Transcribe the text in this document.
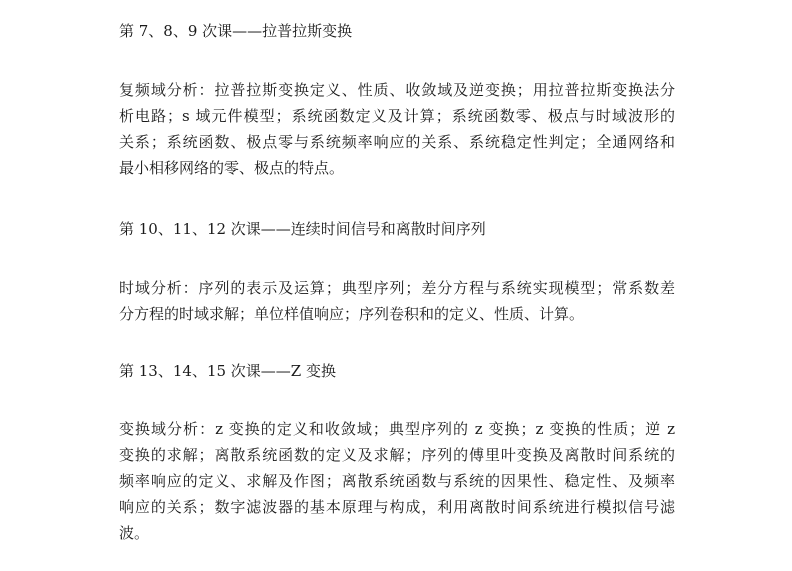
第 7、8、9 次课——拉普拉斯变换

复频域分析：拉普拉斯变换定义、性质、收敛域及逆变换；用拉普拉斯变换法分
析电路；s 域元件模型；系统函数定义及计算；系统函数零、极点与时域波形的
关系；系统函数、极点零与系统频率响应的关系、系统稳定性判定；全通网络和
最小相移网络的零、极点的特点。

第 10、11、12 次课——连续时间信号和离散时间序列

时域分析：序列的表示及运算；典型序列；差分方程与系统实现模型；常系数差
分方程的时域求解；单位样值响应；序列卷积和的定义、性质、计算。

第 13、14、15 次课——Z 变换

变换域分析：z 变换的定义和收敛域；典型序列的 z 变换；z 变换的性质；逆 z
变换的求解；离散系统函数的定义及求解；序列的傅里叶变换及离散时间系统的
频率响应的定义、求解及作图；离散系统函数与系统的因果性、稳定性、及频率
响应的关系；数字滤波器的基本原理与构成，利用离散时间系统进行模拟信号滤
波。
